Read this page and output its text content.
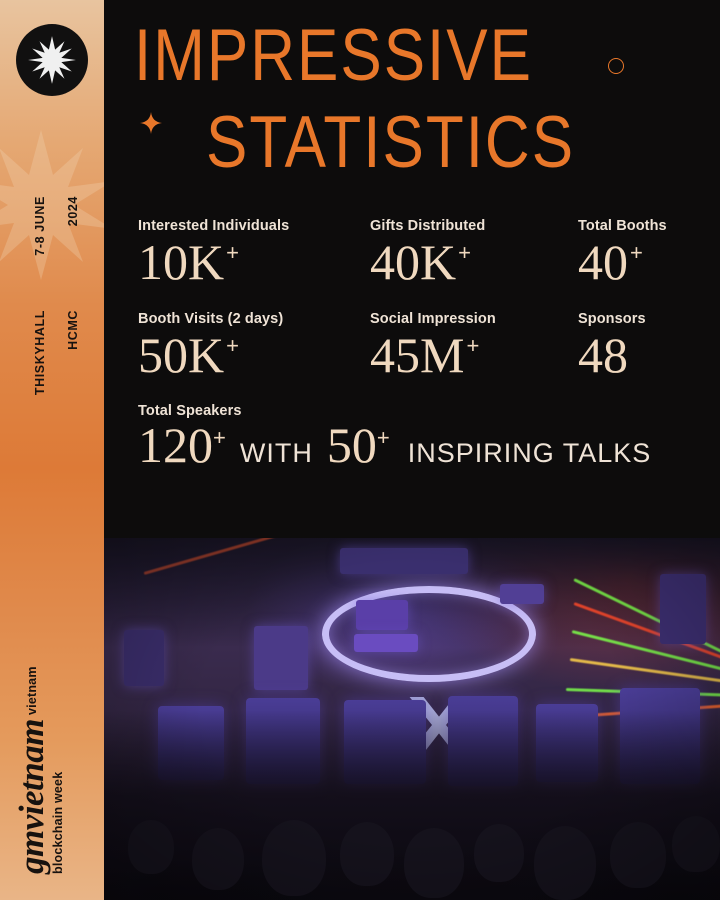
7-8 JUNE 2024
THISKYHALL HCMC
gmvietnam vietnam blockchain week
IMPRESSIVE
STATISTICS
Interested Individuals
10K +
Gifts Distributed
40K +
Total Booths
40 +
Booth Visits (2 days)
50K +
Social Impression
45M +
Sponsors
48
Total Speakers
120 +
WITH 50 +
INSPIRING TALKS
